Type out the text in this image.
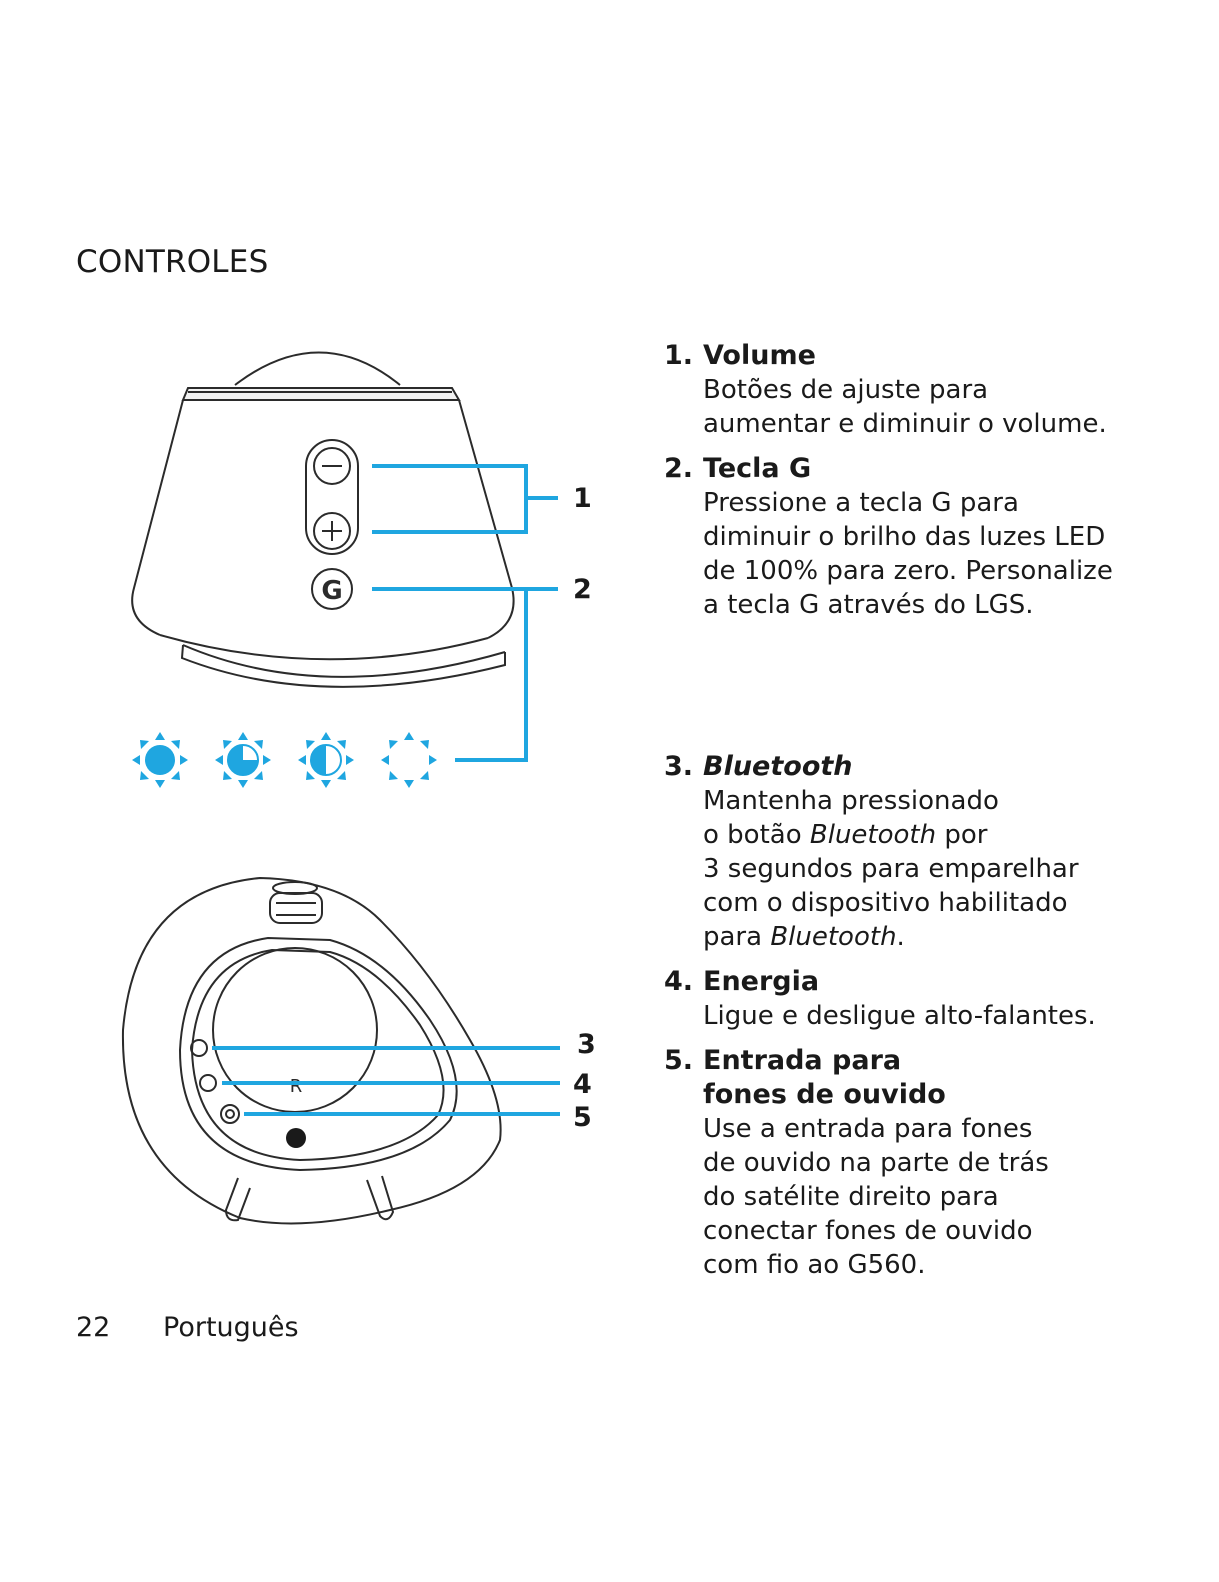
CONTROLES
G
R
1
2
3
4
5
1. Volume
Botões de ajuste para
aumentar e diminuir o volume.
2. Tecla G
Pressione a tecla G para
diminuir o brilho das luzes LED
de 100% para zero. Personalize
a tecla G através do LGS.
3. Bluetooth
Mantenha pressionado
o botão Bluetooth por
3 segundos para emparelhar
com o dispositivo habilitado
para Bluetooth.
4. Energia
Ligue e desligue alto-falantes.
5. Entrada para
fones de ouvido
Use a entrada para fones
de ouvido na parte de trás
do satélite direito para
conectar fones de ouvido
com fio ao G560.
22 Português
